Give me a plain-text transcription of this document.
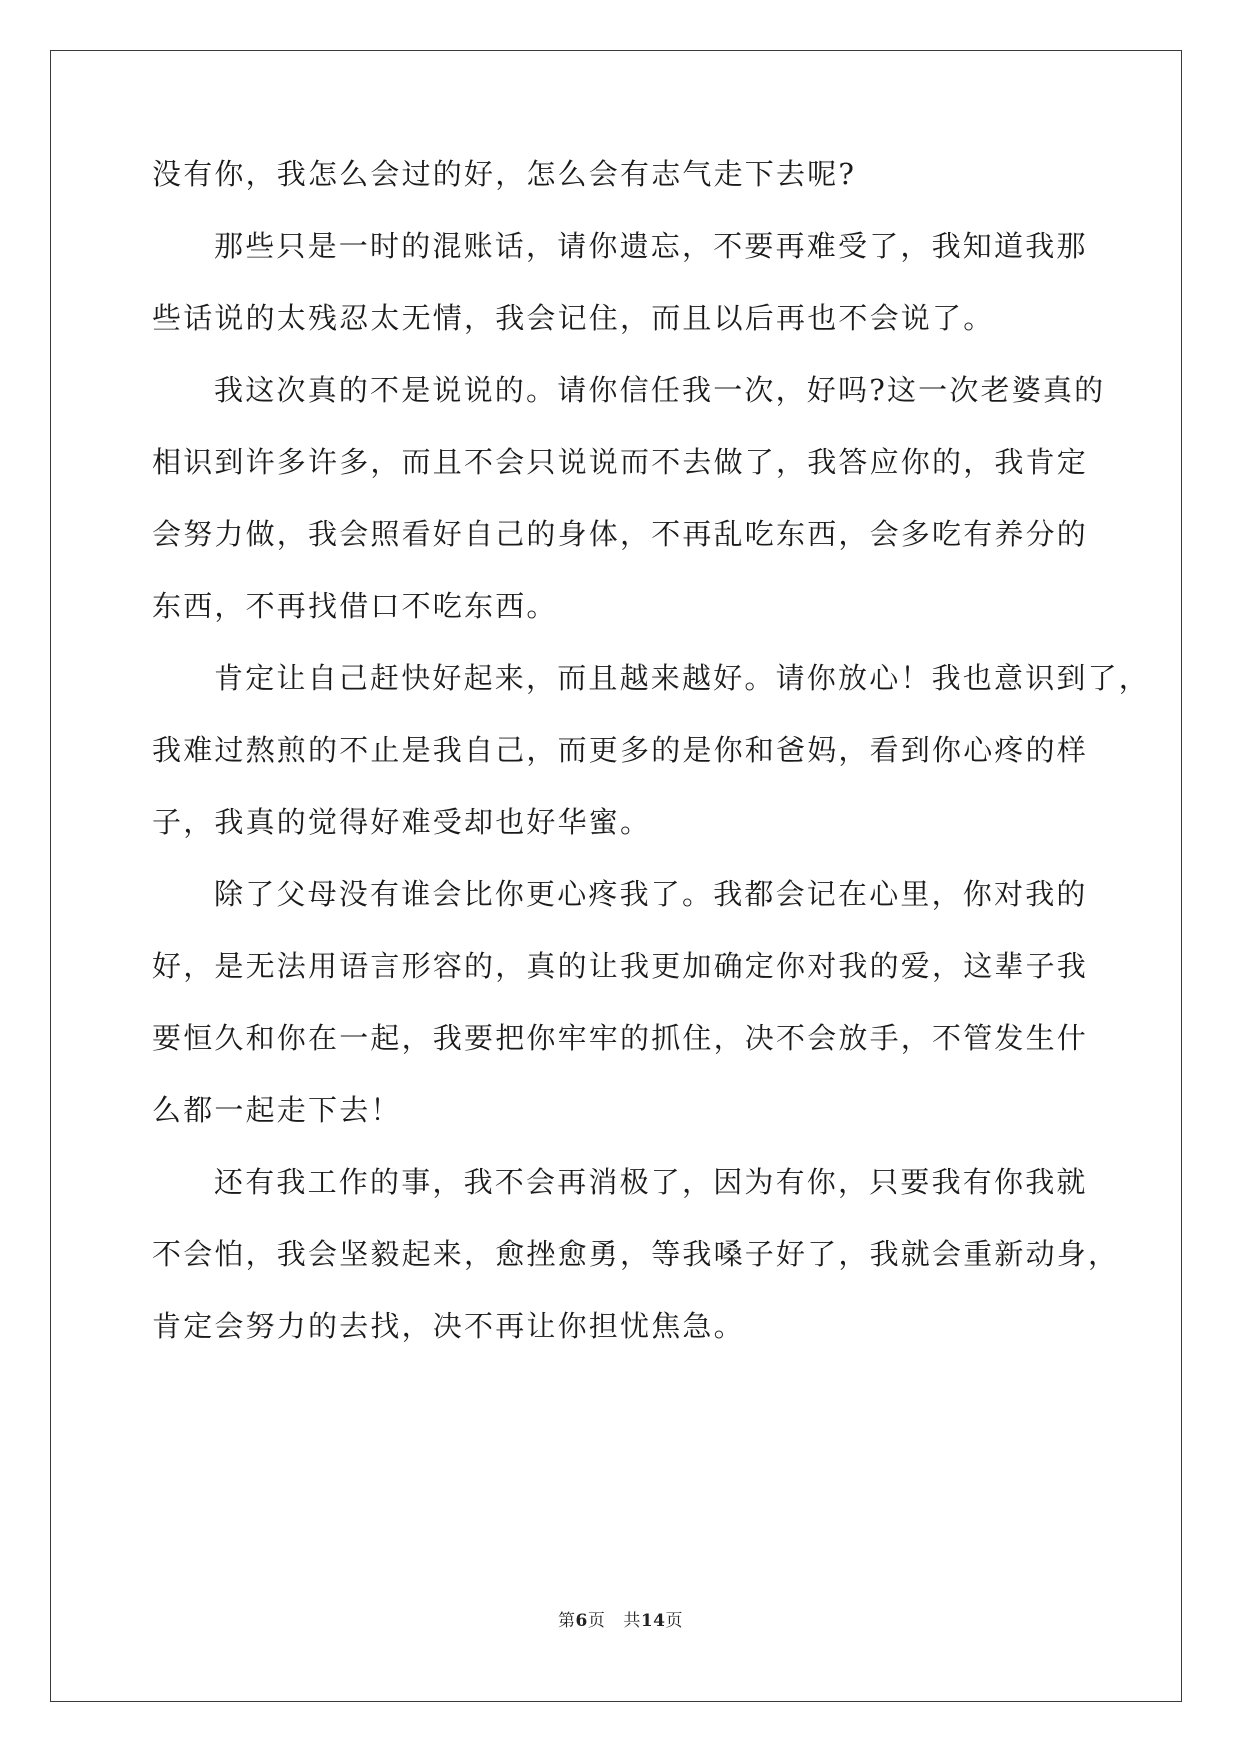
没有你，我怎么会过的好，怎么会有志气走下去呢?
那些只是一时的混账话，请你遗忘，不要再难受了，我知道我那
些话说的太残忍太无情，我会记住，而且以后再也不会说了。
我这次真的不是说说的。请你信任我一次，好吗?这一次老婆真的
相识到许多许多，而且不会只说说而不去做了，我答应你的，我肯定
会努力做，我会照看好自己的身体，不再乱吃东西，会多吃有养分的
东西，不再找借口不吃东西。
肯定让自己赶快好起来，而且越来越好。请你放心！我也意识到了，
我难过熬煎的不止是我自己，而更多的是你和爸妈，看到你心疼的样
子，我真的觉得好难受却也好华蜜。
除了父母没有谁会比你更心疼我了。我都会记在心里，你对我的
好，是无法用语言形容的，真的让我更加确定你对我的爱，这辈子我
要恒久和你在一起，我要把你牢牢的抓住，决不会放手，不管发生什
么都一起走下去！
还有我工作的事，我不会再消极了，因为有你，只要我有你我就
不会怕，我会坚毅起来，愈挫愈勇，等我嗓子好了，我就会重新动身，
肯定会努力的去找，决不再让你担忧焦急。
第6页 共14页
